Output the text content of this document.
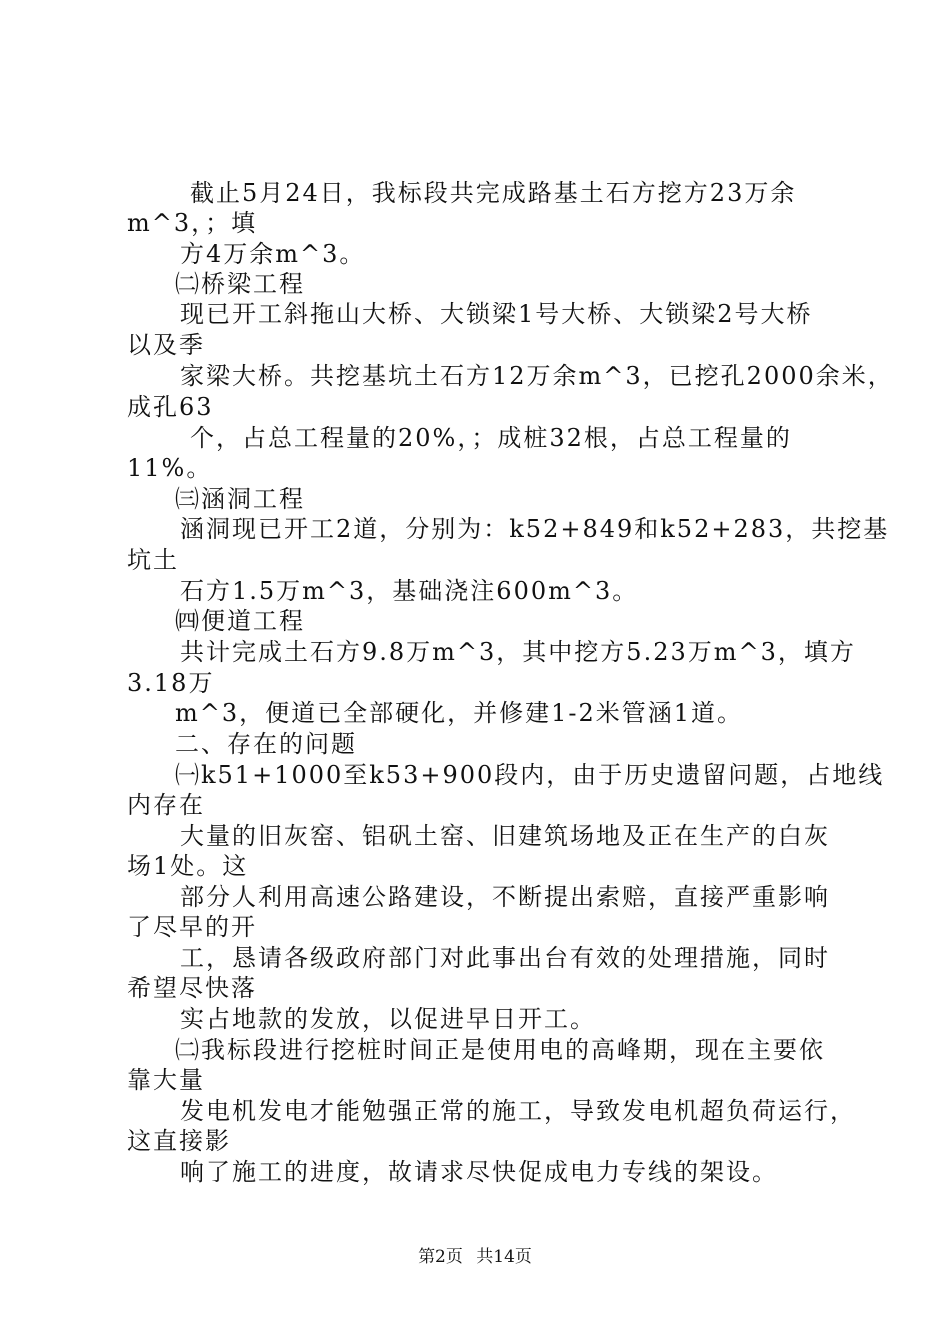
截止5月24日，我标段共完成路基土石方挖方23万余
m^3，；填
方4万余m^3。
㈡桥梁工程
现已开工斜拖山大桥、大锁梁1号大桥、大锁梁2号大桥
以及季
家梁大桥。共挖基坑土石方12万余m^3，已挖孔2000余米，
成孔63
个，占总工程量的20%，；成桩32根，占总工程量的
11%。
㈢涵洞工程
涵洞现已开工2道，分别为：k52+849和k52+283，共挖基
坑土
石方1.5万m^3，基础浇注600m^3。
㈣便道工程
共计完成土石方9.8万m^3，其中挖方5.23万m^3，填方
3.18万
m^3，便道已全部硬化，并修建1-2米管涵1道。
二、存在的问题
㈠k51+1000至k53+900段内，由于历史遗留问题，占地线
内存在
大量的旧灰窑、铝矾土窑、旧建筑场地及正在生产的白灰
场1处。这
部分人利用高速公路建设，不断提出索赔，直接严重影响
了尽早的开
工，恳请各级政府部门对此事出台有效的处理措施，同时
希望尽快落
实占地款的发放，以促进早日开工。
㈡我标段进行挖桩时间正是使用电的高峰期，现在主要依
靠大量
发电机发电才能勉强正常的施工，导致发电机超负荷运行，
这直接影
响了施工的进度，故请求尽快促成电力专线的架设。
第2页 共14页
